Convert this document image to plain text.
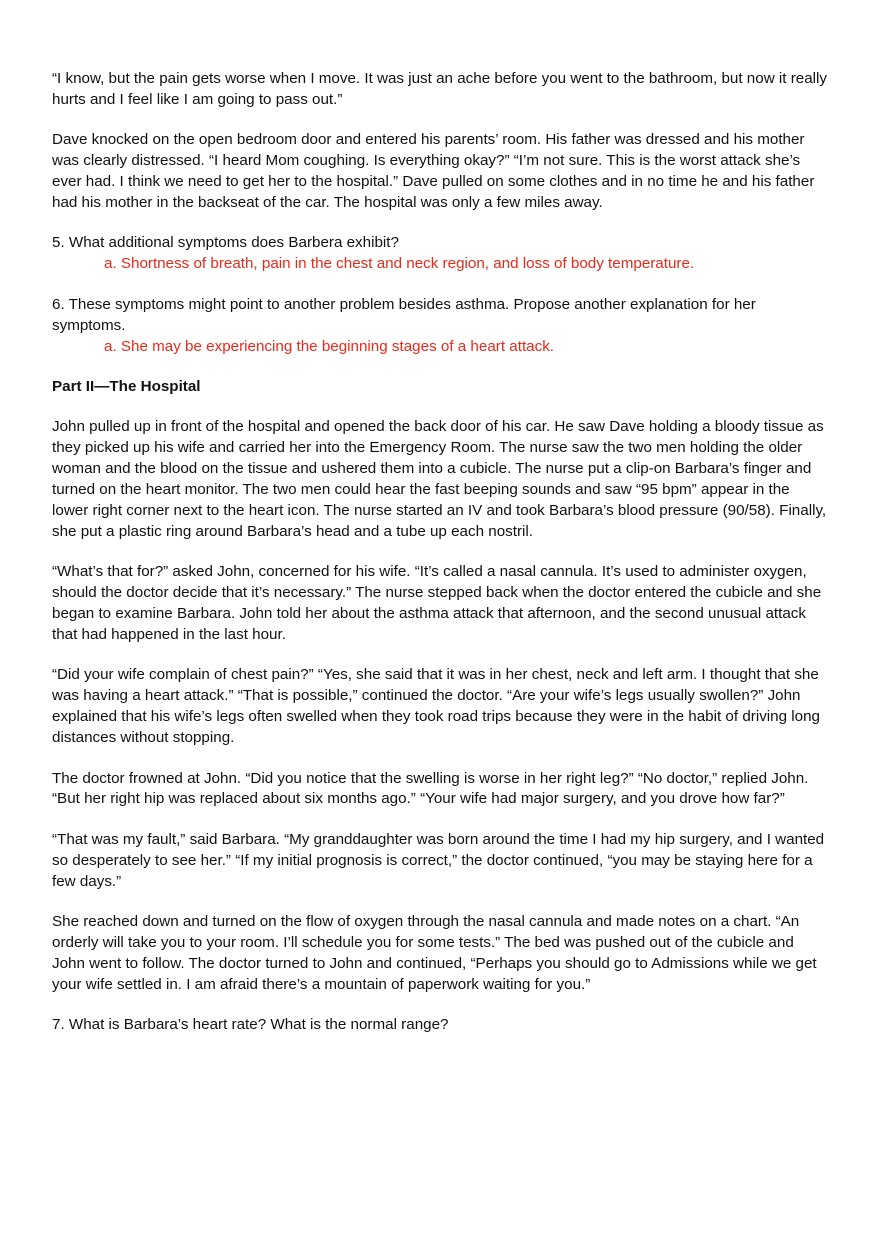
“I know, but the pain gets worse when I move. It was just an ache before you went to the bathroom, but now it really hurts and I feel like I am going to pass out.”

Dave knocked on the open bedroom door and entered his parents’ room. His father was dressed and his mother was clearly distressed. “I heard Mom coughing. Is everything okay?” “I’m not sure. This is the worst attack she’s ever had. I think we need to get her to the hospital.” Dave pulled on some clothes and in no time he and his father had his mother in the backseat of the car. The hospital was only a few miles away.

5. What additional symptoms does Barbera exhibit?

a. Shortness of breath, pain in the chest and neck region, and loss of body temperature.

6. These symptoms might point to another problem besides asthma. Propose another explanation for her symptoms.

a. She may be experiencing the beginning stages of a heart attack.

Part II—The Hospital

John pulled up in front of the hospital and opened the back door of his car. He saw Dave holding a bloody tissue as they picked up his wife and carried her into the Emergency Room. The nurse saw the two men holding the older woman and the blood on the tissue and ushered them into a cubicle. The nurse put a clip-on Barbara’s finger and turned on the heart monitor. The two men could hear the fast beeping sounds and saw “95 bpm” appear in the lower right corner next to the heart icon. The nurse started an IV and took Barbara’s blood pressure (90/58). Finally, she put a plastic ring around Barbara’s head and a tube up each nostril.

“What’s that for?” asked John, concerned for his wife. “It’s called a nasal cannula. It’s used to administer oxygen, should the doctor decide that it’s necessary.” The nurse stepped back when the doctor entered the cubicle and she began to examine Barbara. John told her about the asthma attack that afternoon, and the second unusual attack that had happened in the last hour.

“Did your wife complain of chest pain?” “Yes, she said that it was in her chest, neck and left arm. I thought that she was having a heart attack.” “That is possible,” continued the doctor. “Are your wife’s legs usually swollen?” John explained that his wife’s legs often swelled when they took road trips because they were in the habit of driving long distances without stopping.

The doctor frowned at John. “Did you notice that the swelling is worse in her right leg?” “No doctor,” replied John. “But her right hip was replaced about six months ago.” “Your wife had major surgery, and you drove how far?”

“That was my fault,” said Barbara. “My granddaughter was born around the time I had my hip surgery, and I wanted so desperately to see her.” “If my initial prognosis is correct,” the doctor continued, “you may be staying here for a few days.”

She reached down and turned on the flow of oxygen through the nasal cannula and made notes on a chart. “An orderly will take you to your room. I’ll schedule you for some tests.” The bed was pushed out of the cubicle and John went to follow. The doctor turned to John and continued, “Perhaps you should go to Admissions while we get your wife settled in. I am afraid there’s a mountain of paperwork waiting for you.”

7. What is Barbara’s heart rate? What is the normal range?
